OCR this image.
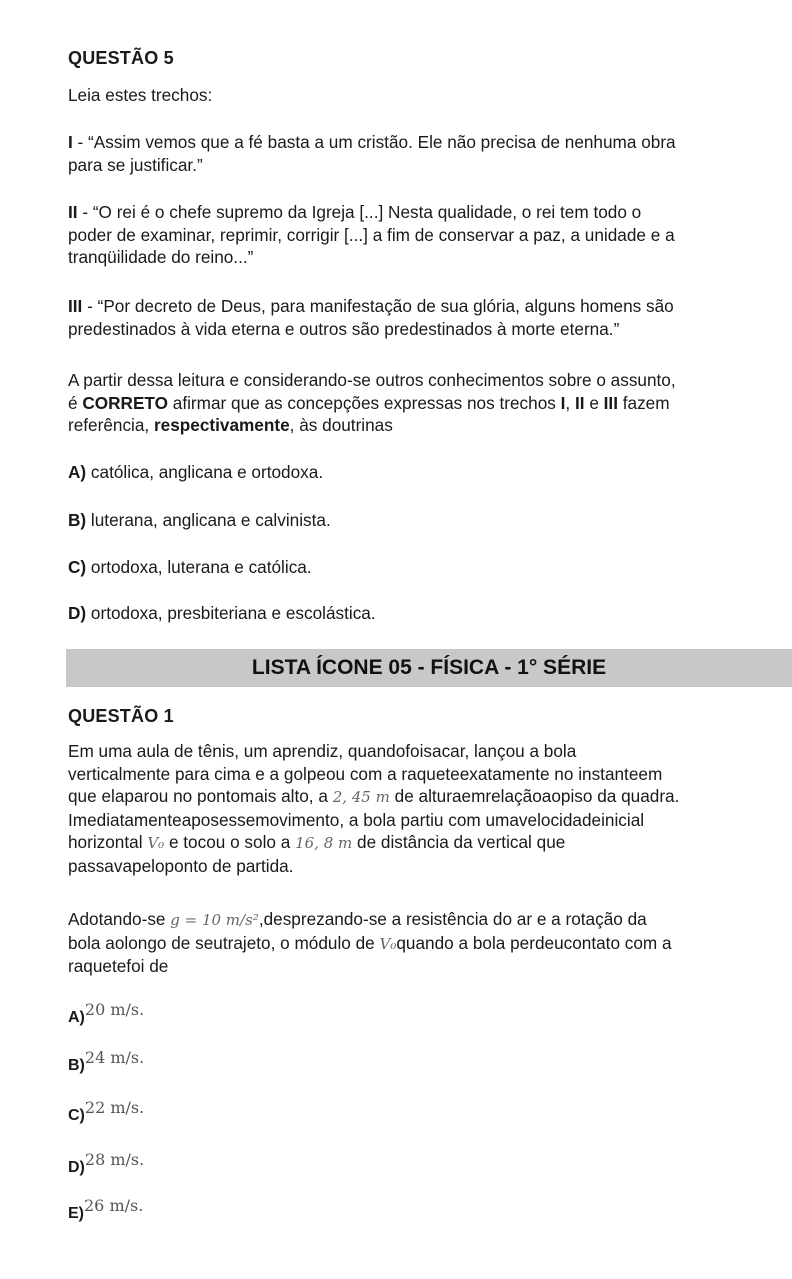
QUESTÃO 5
Leia estes trechos:
I - “Assim vemos que a fé basta a um cristão. Ele não precisa de nenhuma obra
para se justificar.”
II - “O rei é o chefe supremo da Igreja [...] Nesta qualidade, o rei tem todo o
poder de examinar, reprimir, corrigir [...] a fim de conservar a paz, a unidade e a
tranqüilidade do reino...”
III - “Por decreto de Deus, para manifestação de sua glória, alguns homens são
predestinados à vida eterna e outros são predestinados à morte eterna.”
A partir dessa leitura e considerando-se outros conhecimentos sobre o assunto,
é CORRETO afirmar que as concepções expressas nos trechos I, II e III fazem
referência, respectivamente, às doutrinas
A) católica, anglicana e ortodoxa.
B) luterana, anglicana e calvinista.
C) ortodoxa, luterana e católica.
D) ortodoxa, presbiteriana e escolástica.
LISTA ÍCONE 05 - FÍSICA - 1° SÉRIE
QUESTÃO 1
Em uma aula de tênis, um aprendiz, quandofoisacar, lançou a bola
verticalmente para cima e a golpeou com a raqueteexatamente no instanteem
que elaparou no pontomais alto, a 2, 45 m de alturaemrelaçãoaopiso da quadra.
Imediatamenteaposessemovimento, a bola partiu com umavelocidadeinicial
horizontal V₀ e tocou o solo a 16, 8 m de distância da vertical que
passavapeloponto de partida.
Adotando-se g = 10 m/s²,desprezando-se a resistência do ar e a rotação da
bola aolongo de seutrajeto, o módulo de V₀quando a bola perdeucontato com a
raquetefoi de
A)20 m/s.
B)24 m/s.
C)22 m/s.
D)28 m/s.
E)26 m/s.
